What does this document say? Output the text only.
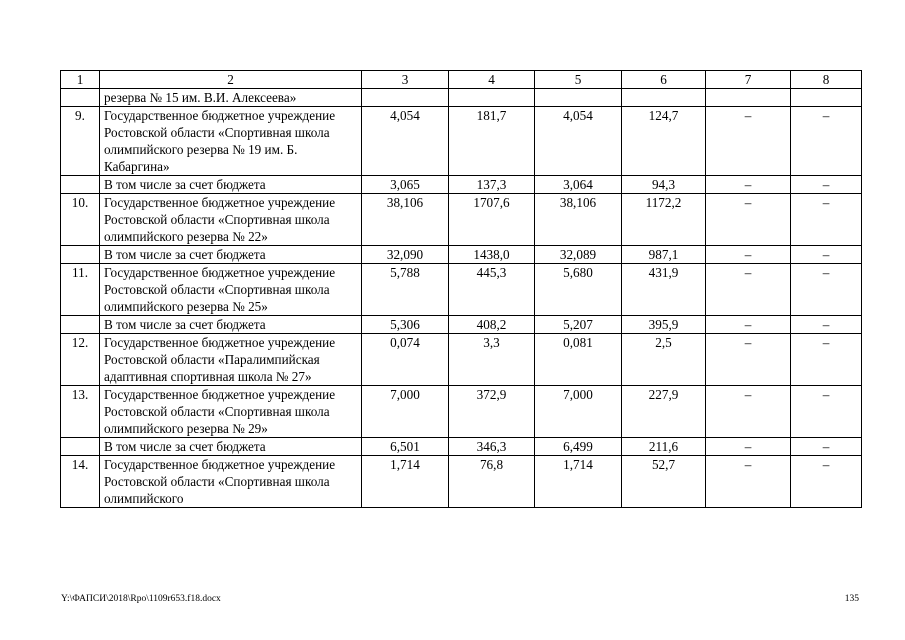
1	2	3	4	5	6	7	8
	резерва № 15 им. В.И. Алексеева»						
9.	Государственное бюджетное учреждение Ростовской области «Спортивная школа олимпийского резерва № 19 им. Б. Кабаргина»	4,054	181,7	4,054	124,7	–	–
	В том числе за счет бюджета	3,065	137,3	3,064	94,3	–	–
10.	Государственное бюджетное учреждение Ростовской области «Спортивная школа олимпийского резерва № 22»	38,106	1707,6	38,106	1172,2	–	–
	В том числе за счет бюджета	32,090	1438,0	32,089	987,1	–	–
11.	Государственное бюджетное учреждение Ростовской области «Спортивная школа олимпийского резерва № 25»	5,788	445,3	5,680	431,9	–	–
	В том числе за счет бюджета	5,306	408,2	5,207	395,9	–	–
12.	Государственное бюджетное учреждение Ростовской области «Паралимпийская адаптивная спортивная школа № 27»	0,074	3,3	0,081	2,5	–	–
13.	Государственное бюджетное учреждение Ростовской области «Спортивная школа олимпийского резерва № 29»	7,000	372,9	7,000	227,9	–	–
	В том числе за счет бюджета	6,501	346,3	6,499	211,6	–	–
14.	Государственное бюджетное учреждение Ростовской области «Спортивная школа олимпийского	1,714	76,8	1,714	52,7	–	–
Y:\ФАПСИ\2018\Rpo\1109r653.f18.docx	135
